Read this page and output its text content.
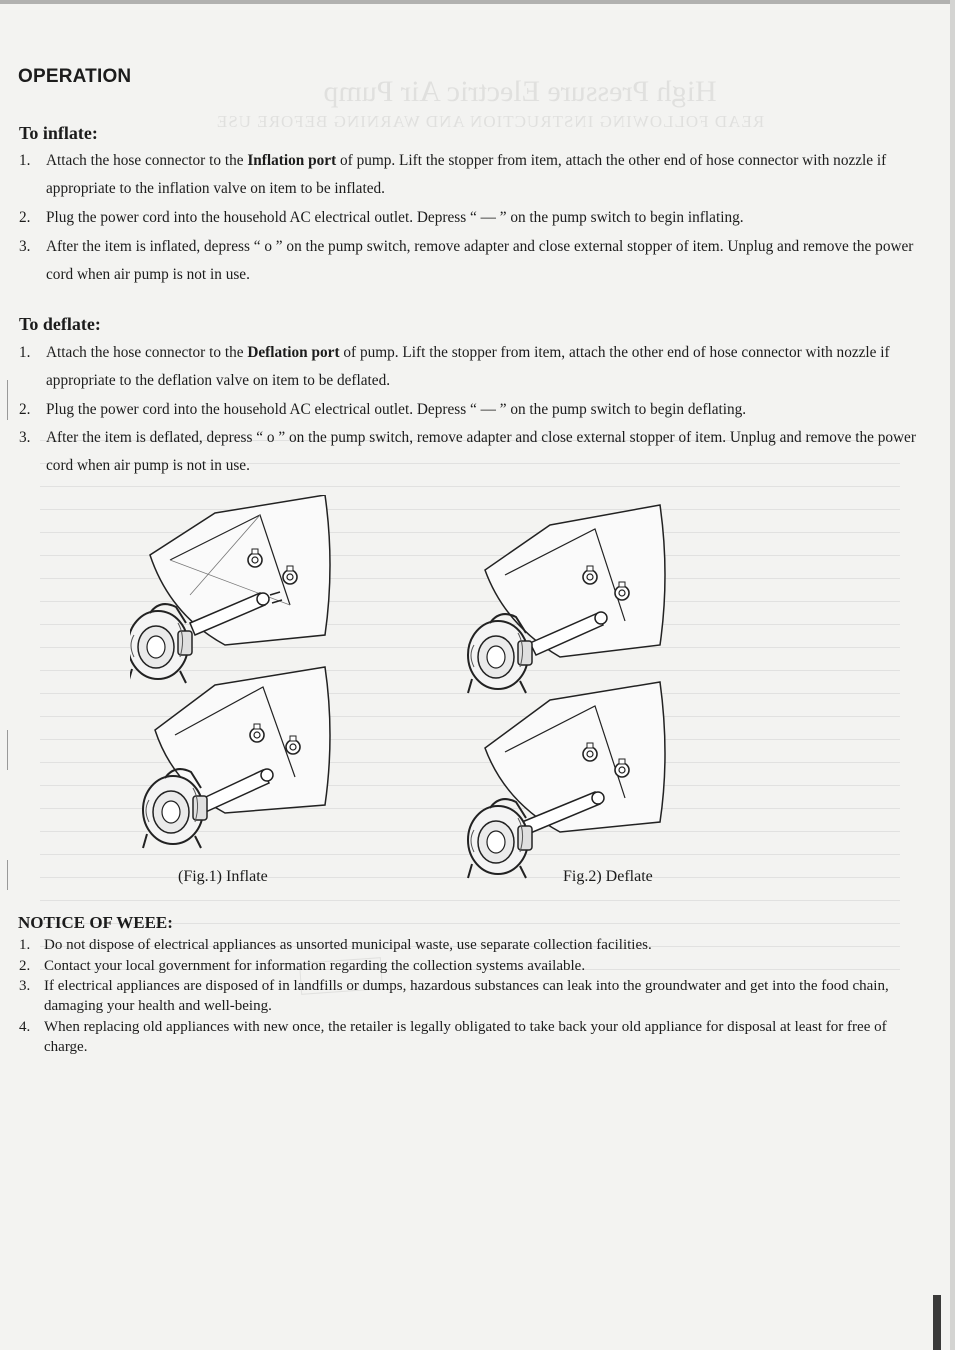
High Pressure Electric Air Pump
READ FOLLOWING INSTRUCTION AND WARNING BEFORE USE
OPERATION
To inflate:
1.	Attach the hose connector to the Inflation port of pump. Lift the stopper from item, attach the other end of hose connector with nozzle if appropriate to the inflation valve on item to be inflated.
2.	Plug the power cord into the household AC electrical outlet. Depress “ — ” on the pump switch to begin inflating.
3.	After the item is inflated, depress “ o ” on the pump switch, remove adapter and close external stopper of item. Unplug and remove the power cord when air pump is not in use.
To deflate:
1.	Attach the hose connector to the Deflation port of pump. Lift the stopper from item, attach the other end of hose connector with nozzle if appropriate to the deflation valve on item to be deflated.
2.	Plug the power cord into the household AC electrical outlet. Depress “ — ” on the pump switch to begin deflating.
3.	After the item is deflated, depress “ o ” on the pump switch, remove adapter and close external stopper of item. Unplug and remove the power cord when air pump is not in use.
(Fig.1) Inflate	Fig.2) Deflate
NOTICE OF WEEE:
1. Do not dispose of electrical appliances as unsorted municipal waste, use separate collection facilities.
2. Contact your local government for information regarding the collection systems available.
3. If electrical appliances are disposed of in landfills or dumps, hazardous substances can leak into the groundwater and get into the food chain, damaging your health and well-being.
4. When replacing old appliances with new once, the retailer is legally obligated to take back your old appliance for disposal at least for free of charge.
